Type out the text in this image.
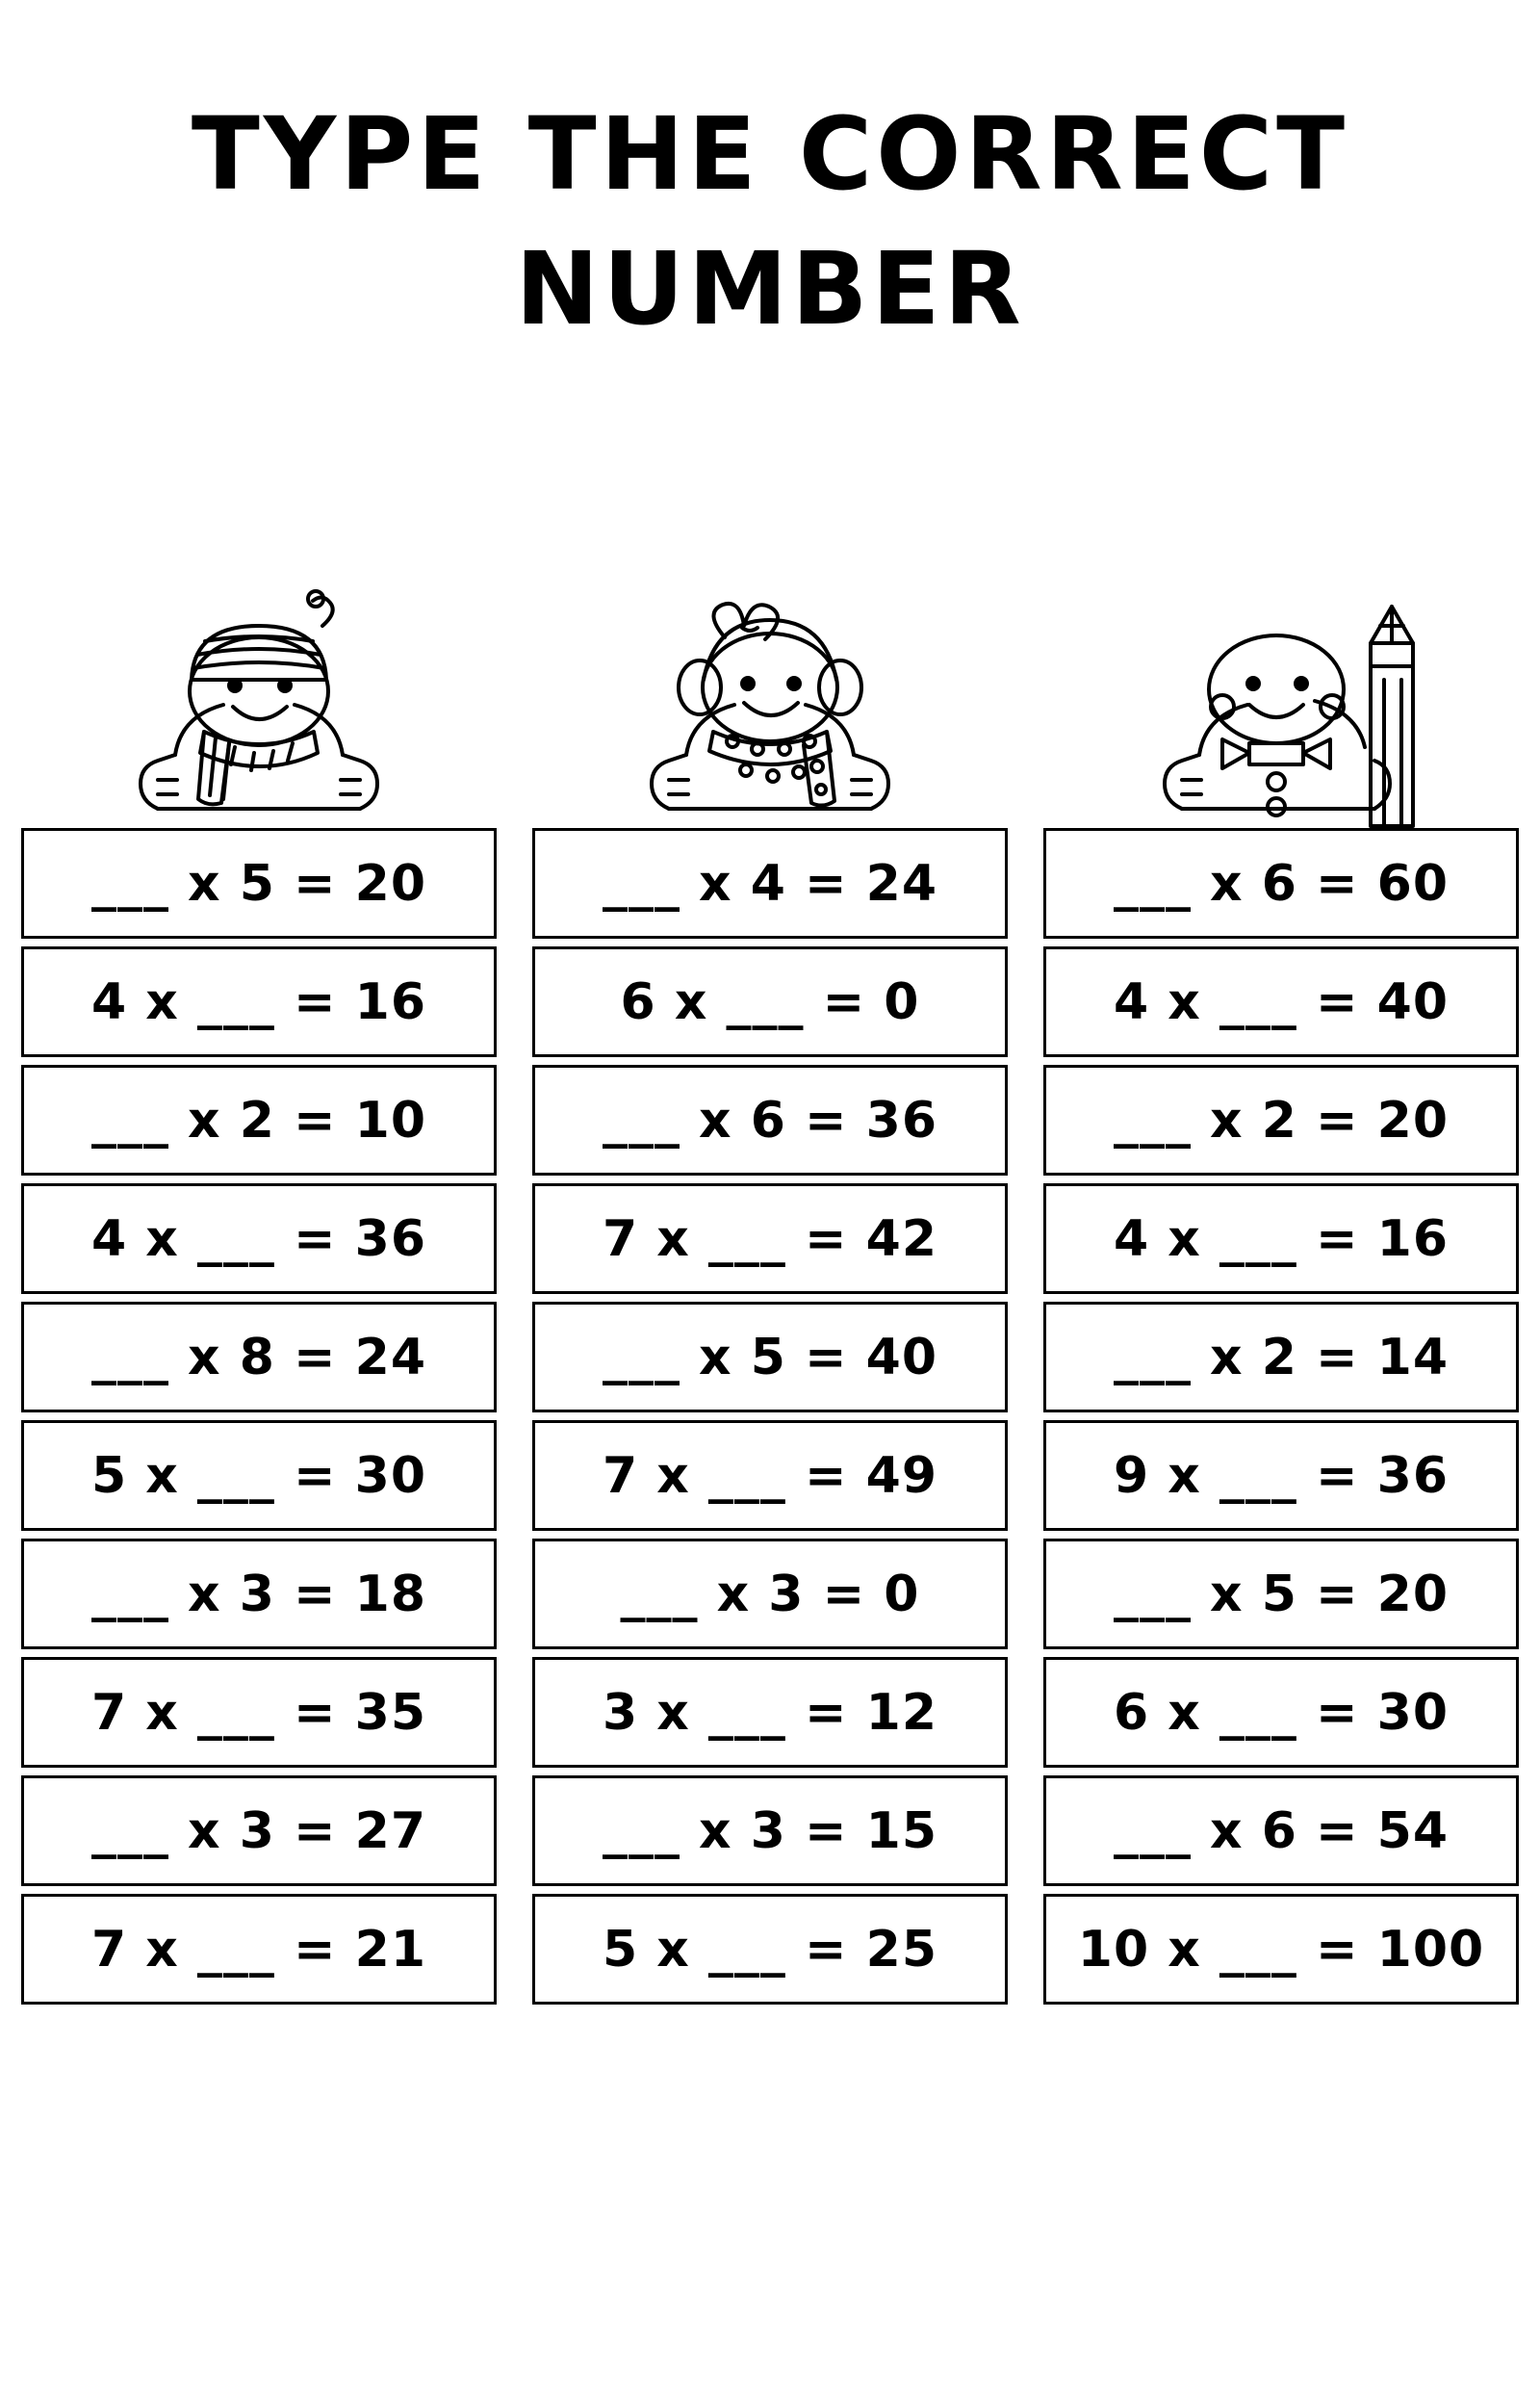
TYPE THE CORRECT
NUMBER
___ x 5 = 20
4 x ___ = 16
___ x 2 = 10
4 x ___ = 36
___ x 8 = 24
5 x ___ = 30
___ x 3 = 18
7 x ___ = 35
___ x 3 = 27
7 x ___ = 21
___ x 4 = 24
6 x ___ = 0
___ x 6 = 36
7 x ___ = 42
___ x 5 = 40
7 x ___ = 49
___ x 3 = 0
3 x ___ = 12
___ x 3 = 15
5 x ___ = 25
___ x 6 = 60
4 x ___ = 40
___ x 2 = 20
4 x ___ = 16
___ x 2 = 14
9 x ___ = 36
___ x 5 = 20
6 x ___ = 30
___ x 6 = 54
10 x ___ = 100
